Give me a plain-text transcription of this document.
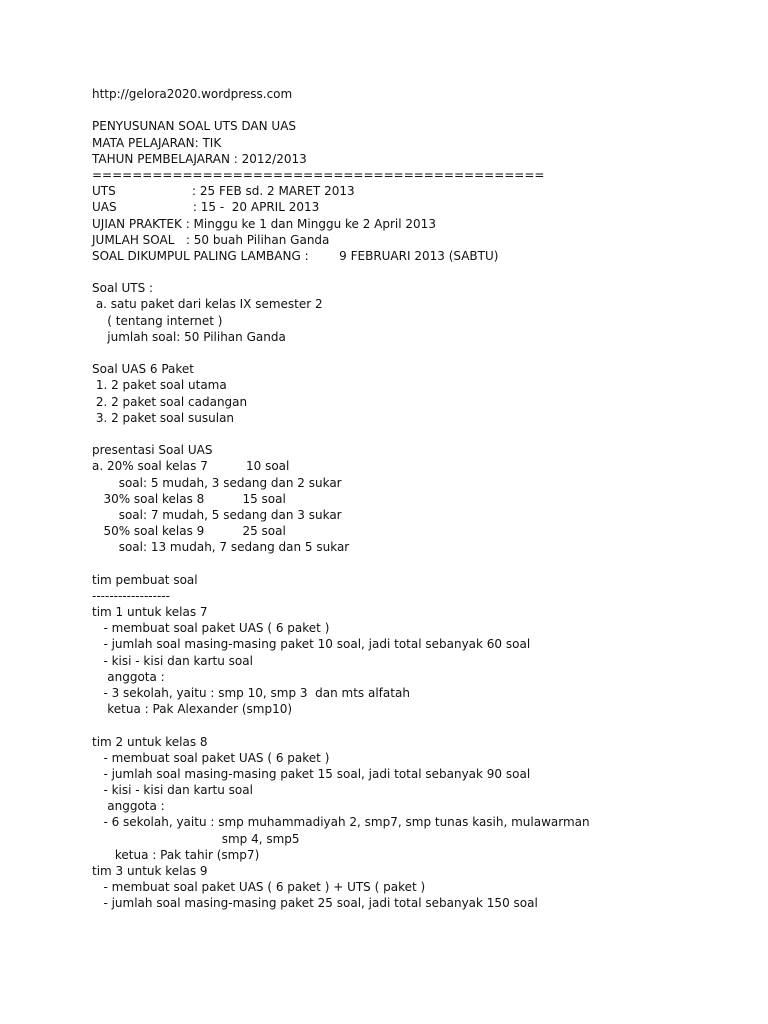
http://gelora2020.wordpress.com
PENYUSUNAN SOAL UTS DAN UAS
MATA PELAJARAN: TIK
TAHUN PEMBELAJARAN : 2012/2013
=============================================
UTS                    : 25 FEB sd. 2 MARET 2013
UAS                    : 15 -  20 APRIL 2013
UJIAN PRAKTEK : Minggu ke 1 dan Minggu ke 2 April 2013
JUMLAH SOAL   : 50 buah Pilihan Ganda
SOAL DIKUMPUL PALING LAMBANG :        9 FEBRUARI 2013 (SABTU)
Soal UTS :
a. satu paket dari kelas IX semester 2
( tentang internet )
jumlah soal: 50 Pilihan Ganda
Soal UAS 6 Paket
1. 2 paket soal utama
2. 2 paket soal cadangan
3. 2 paket soal susulan
presentasi Soal UAS
a. 20% soal kelas 7          10 soal
soal: 5 mudah, 3 sedang dan 2 sukar
30% soal kelas 8          15 soal
soal: 7 mudah, 5 sedang dan 3 sukar
50% soal kelas 9          25 soal
soal: 13 mudah, 7 sedang dan 5 sukar
tim pembuat soal
------------------
tim 1 untuk kelas 7
- membuat soal paket UAS ( 6 paket )
- jumlah soal masing-masing paket 10 soal, jadi total sebanyak 60 soal
- kisi - kisi dan kartu soal
anggota :
- 3 sekolah, yaitu : smp 10, smp 3  dan mts alfatah
ketua : Pak Alexander (smp10)
tim 2 untuk kelas 8
- membuat soal paket UAS ( 6 paket )
- jumlah soal masing-masing paket 15 soal, jadi total sebanyak 90 soal
- kisi - kisi dan kartu soal
anggota :
- 6 sekolah, yaitu : smp muhammadiyah 2, smp7, smp tunas kasih, mulawarman
smp 4, smp5
ketua : Pak tahir (smp7)
tim 3 untuk kelas 9
- membuat soal paket UAS ( 6 paket ) + UTS ( paket )
- jumlah soal masing-masing paket 25 soal, jadi total sebanyak 150 soal
